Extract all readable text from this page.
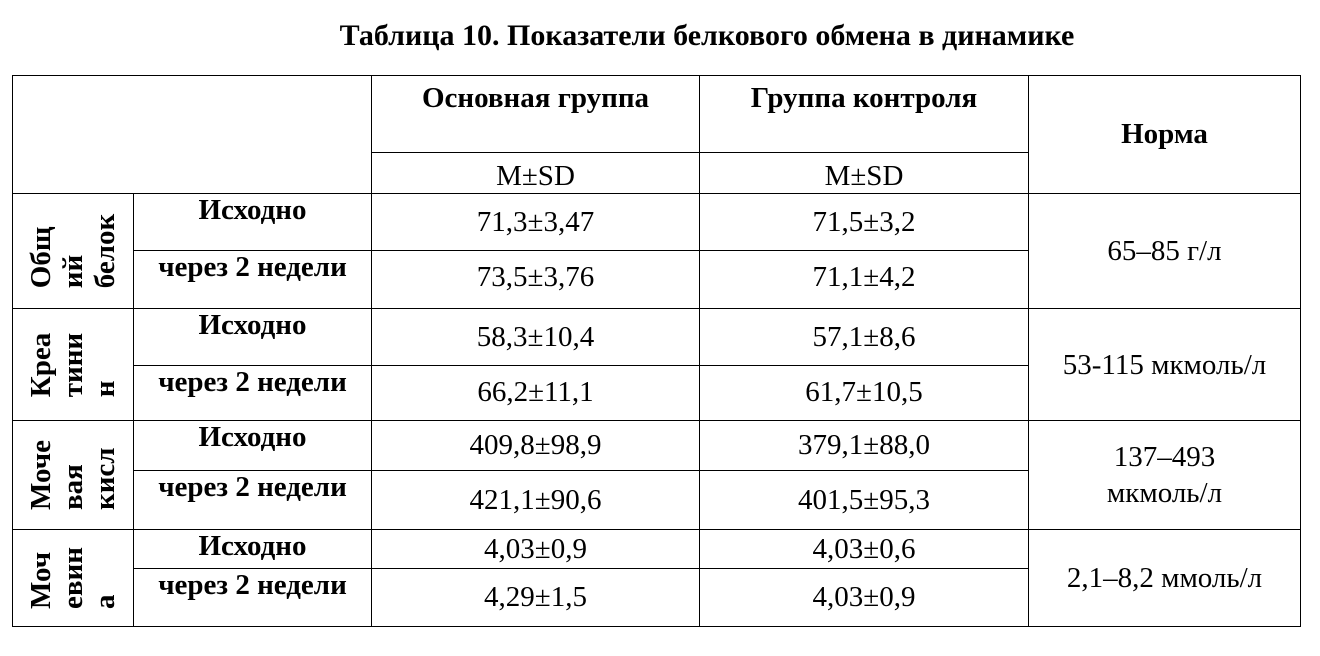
Таблица 10. Показатели белкового обмена в динамике
		Основная группа	Группа контроля	Норма
		M±SD	M±SD	

Общ ий белок	Исходно	71,3±3,47	71,5±3,2	65–85 г/л
	через 2 недели	73,5±3,76	71,1±4,2	

Креа тини н	Исходно	58,3±10,4	57,1±8,6	53-115 мкмоль/л
	через 2 недели	66,2±11,1	61,7±10,5	

Моче вая кисл	Исходно	409,8±98,9	379,1±88,0	137–493
мкмоль/л
	через 2 недели	421,1±90,6	401,5±95,3	

Моч евин а	Исходно	4,03±0,9	4,03±0,6	2,1–8,2 ммоль/л
	через 2 недели	4,29±1,5	4,03±0,9	
